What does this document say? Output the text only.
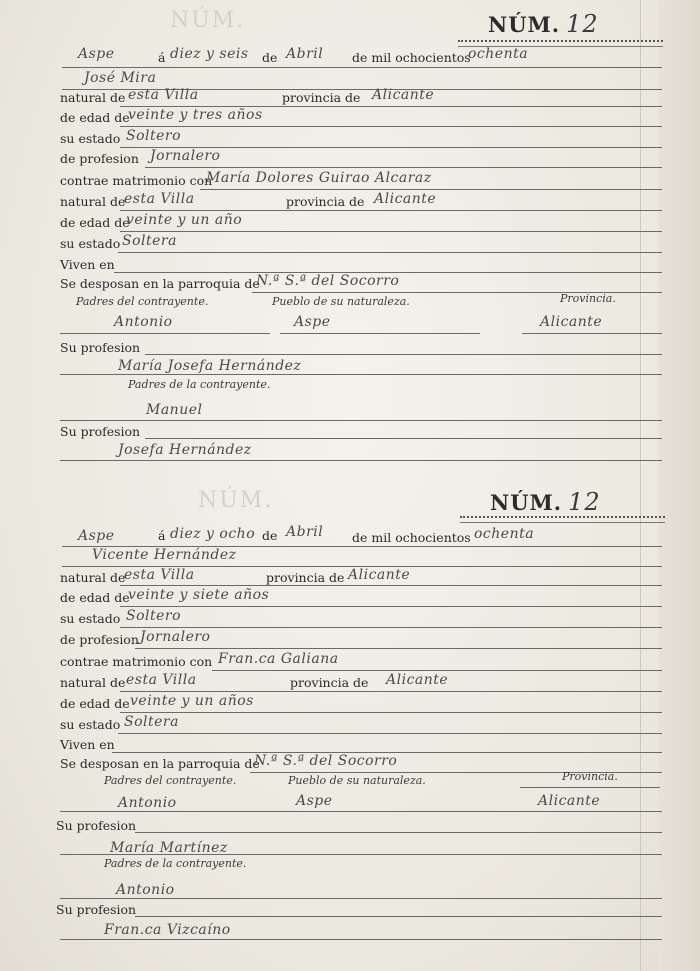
NÚM.	NÚM. 12
Aspe	á diez y seis de Abril de mil ochocientos
ochenta
José Mira
natural de esta Villa	provincia de Alicante
de edad de
veinte y tres años
su estado Soltero
de profesion Jornalero
contrae matrimonio con
María Dolores Guirao Alcaraz
natural de
esta Villa	provincia de Alicante
de edad de
veinte y un año
su estado Soltera
Viven en
Se desposan en la parroquia de
N.ª S.ª del Socorro
Padres del contrayente.	Pueblo de su naturaleza.	Provincia.
Antonio	Aspe	Alicante
Su profesion
María Josefa Hernández
Padres de la contrayente.
Manuel
Su profesion
Josefa Hernández
NÚM.	NÚM. 12
Aspe	á diez y ocho de Abril de mil ochocientos ochenta
Vicente Hernández
natural de
esta Villa	provincia de Alicante
de edad de
veinte y siete años
su estado Soltero
de profesion Jornalero
contrae matrimonio con Fran.ca Galiana
natural de esta Villa	provincia de Alicante
de edad de veinte y un años
su estado Soltera
Viven en
Se desposan en la parroquia de
N.ª S.ª del Socorro
Padres del contrayente.	Pueblo de su naturaleza.	Provincia.
Antonio	Aspe	Alicante
Su profesion
María Martínez
Padres de la contrayente.
Antonio
Su profesion
Fran.ca Vizcaíno
